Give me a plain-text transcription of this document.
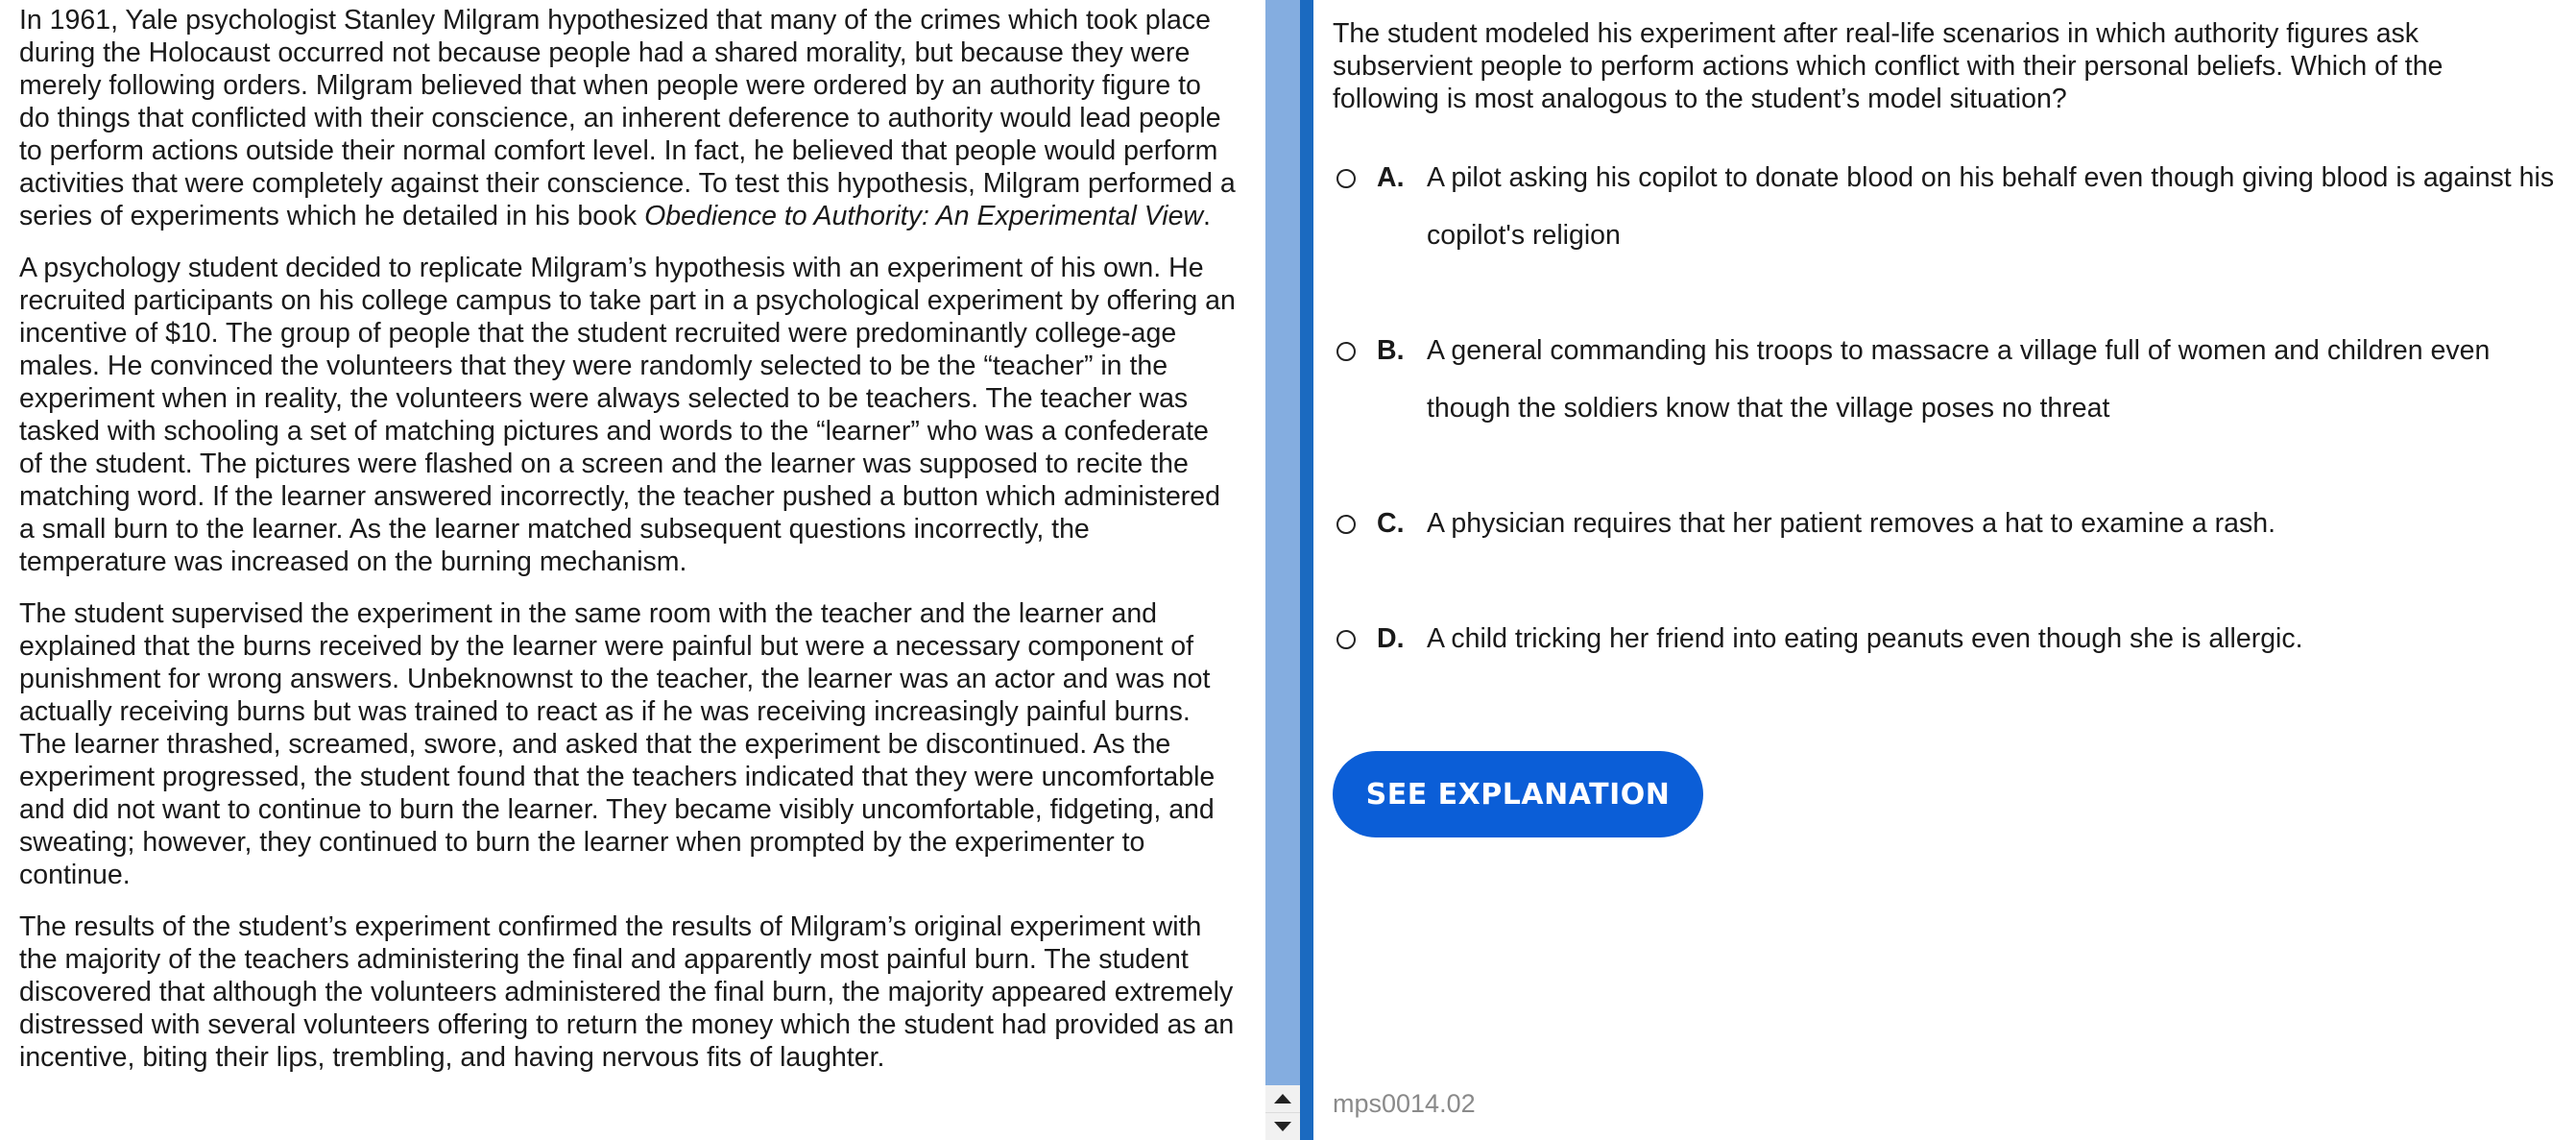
In 1961, Yale psychologist Stanley Milgram hypothesized that many of the crimes which took place during the Holocaust occurred not because people had a shared morality, but because they were merely following orders. Milgram believed that when people were ordered by an authority figure to do things that conflicted with their conscience, an inherent deference to authority would lead people to perform actions outside their normal comfort level. In fact, he believed that people would perform activities that were completely against their conscience. To test this hypothesis, Milgram performed a series of experiments which he detailed in his book Obedience to Authority: An Experimental View.

A psychology student decided to replicate Milgram’s hypothesis with an experiment of his own. He recruited participants on his college campus to take part in a psychological experiment by offering an incentive of $10. The group of people that the student recruited were predominantly college-age males. He convinced the volunteers that they were randomly selected to be the “teacher” in the experiment when in reality, the volunteers were always selected to be teachers. The teacher was tasked with schooling a set of matching pictures and words to the “learner” who was a confederate of the student. The pictures were flashed on a screen and the learner was supposed to recite the matching word. If the learner answered incorrectly, the teacher pushed a button which administered a small burn to the learner. As the learner matched subsequent questions incorrectly, the temperature was increased on the burning mechanism.

The student supervised the experiment in the same room with the teacher and the learner and explained that the burns received by the learner were painful but were a necessary component of punishment for wrong answers. Unbeknownst to the teacher, the learner was an actor and was not actually receiving burns but was trained to react as if he was receiving increasingly painful burns. The learner thrashed, screamed, swore, and asked that the experiment be discontinued. As the experiment progressed, the student found that the teachers indicated that they were uncomfortable and did not want to continue to burn the learner. They became visibly uncomfortable, fidgeting, and sweating; however, they continued to burn the learner when prompted by the experimenter to continue.

The results of the student’s experiment confirmed the results of Milgram’s original experiment with the majority of the teachers administering the final and apparently most painful burn. The student discovered that although the volunteers administered the final burn, the majority appeared extremely distressed with several volunteers offering to return the money which the student had provided as an incentive, biting their lips, trembling, and having nervous fits of laughter.

The student modeled his experiment after real-life scenarios in which authority figures ask subservient people to perform actions which conflict with their personal beliefs. Which of the following is most analogous to the student’s model situation?

A. A pilot asking his copilot to donate blood on his behalf even though giving blood is against his copilot's religion
B. A general commanding his troops to massacre a village full of women and children even though the soldiers know that the village poses no threat
C. A physician requires that her patient removes a hat to examine a rash.
D. A child tricking her friend into eating peanuts even though she is allergic.
SEE EXPLANATION
mps0014.02
